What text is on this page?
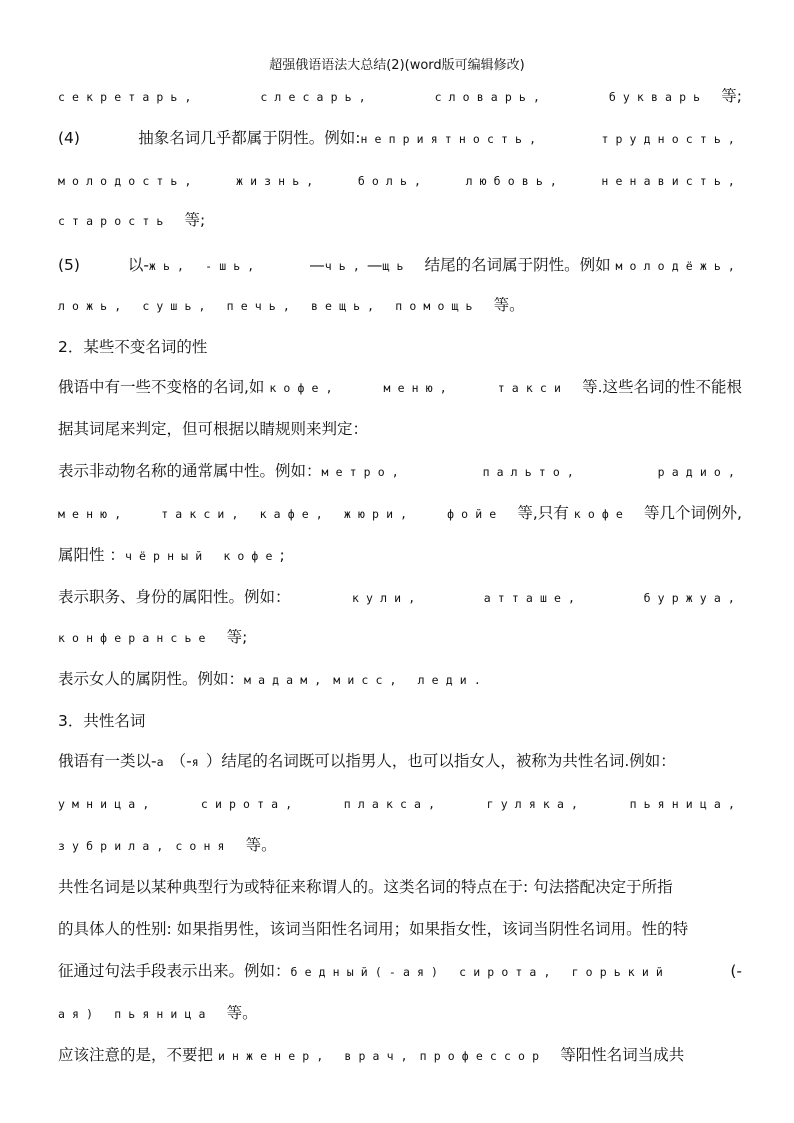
超强俄语语法大总结(2)(word版可编辑修改)
секретарь,	слесарь,	словарь,	букварь 等;
(4)	抽象名词几乎都属于阴性。例如:неприятность,	трудность,
молодость,	жизнь,	боль,	любовь,	ненависть,
старость 等;
(5)	以-жь, -шь,	—чь,—щь 结尾的名词属于阴性。例如 молодёжь,
ложь, сушь, печь, вещь, помощь 等。
2．某些不变名词的性
俄语中有一些不变格的名词,如 кофе,	меню,	такси 等.这些名词的性不能根
据其词尾来判定，但可根据以睛规则来判定：
表示非动物名称的通常属中性。例如：метро,	пальто,	радио,
меню,	такси, кафе, жюри,	фойе 等,只有 кофе 等几个词例外,
属阳性 ：чёрный кофе;
表示职务、身份的属阳性。例如：	кули,	атташе,	буржуа,
конферансье 等;
表示女人的属阴性。例如：мадам, мисс, леди.
3．共性名词
俄语有一类以-а（-я）结尾的名词既可以指男人，也可以指女人，被称为共性名词.例如：
умница,	сирота,	плакса,	гуляка,	пьяница,
зубрила, соня 等。
共性名词是以某种典型行为或特征来称谓人的。这类名词的特点在于: 句法搭配决定于所指
的具体人的性别: 如果指男性，该词当阳性名词用；如果指女性，该词当阴性名词用。性的特
征通过句法手段表示出来。例如：бедный(-ая) сирота, горький	(-
ая) пьяница 等。
应该注意的是，不要把 инженер, врач, профессор 等阳性名词当成共
